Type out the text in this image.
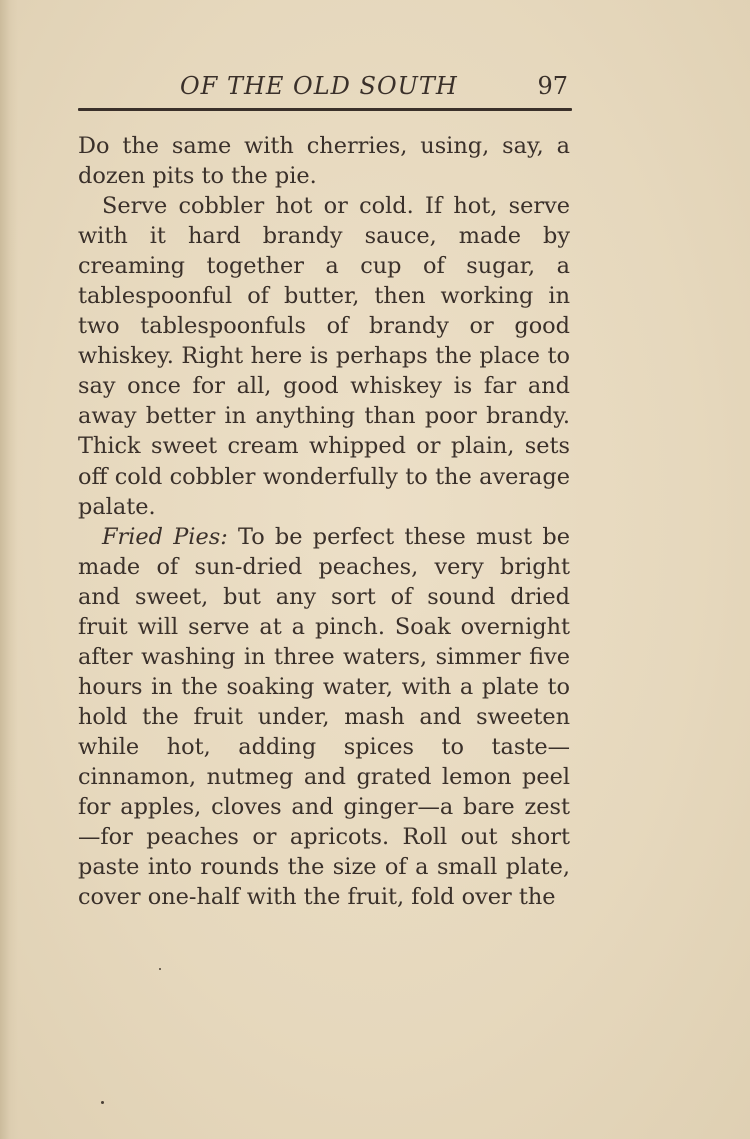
OF THE OLD SOUTH	97

Do the same with cherries, using, say, a dozen pits to the pie.

Serve cobbler hot or cold. If hot, serve with it hard brandy sauce, made by creaming together a cup of sugar, a tablespoonful of butter, then working in two tablespoonfuls of brandy or good whiskey. Right here is perhaps the place to say once for all, good whiskey is far and away better in anything than poor brandy. Thick sweet cream whipped or plain, sets off cold cobbler wonderfully to the average palate.

Fried Pies: To be perfect these must be made of sun-dried peaches, very bright and sweet, but any sort of sound dried fruit will serve at a pinch. Soak overnight after washing in three waters, simmer five hours in the soaking water, with a plate to hold the fruit under, mash and sweeten while hot, adding spices to taste—cinnamon, nutmeg and grated lemon peel for apples, cloves and ginger—a bare zest—for peaches or apricots. Roll out short paste into rounds the size of a small plate, cover one-half with the fruit, fold over the
